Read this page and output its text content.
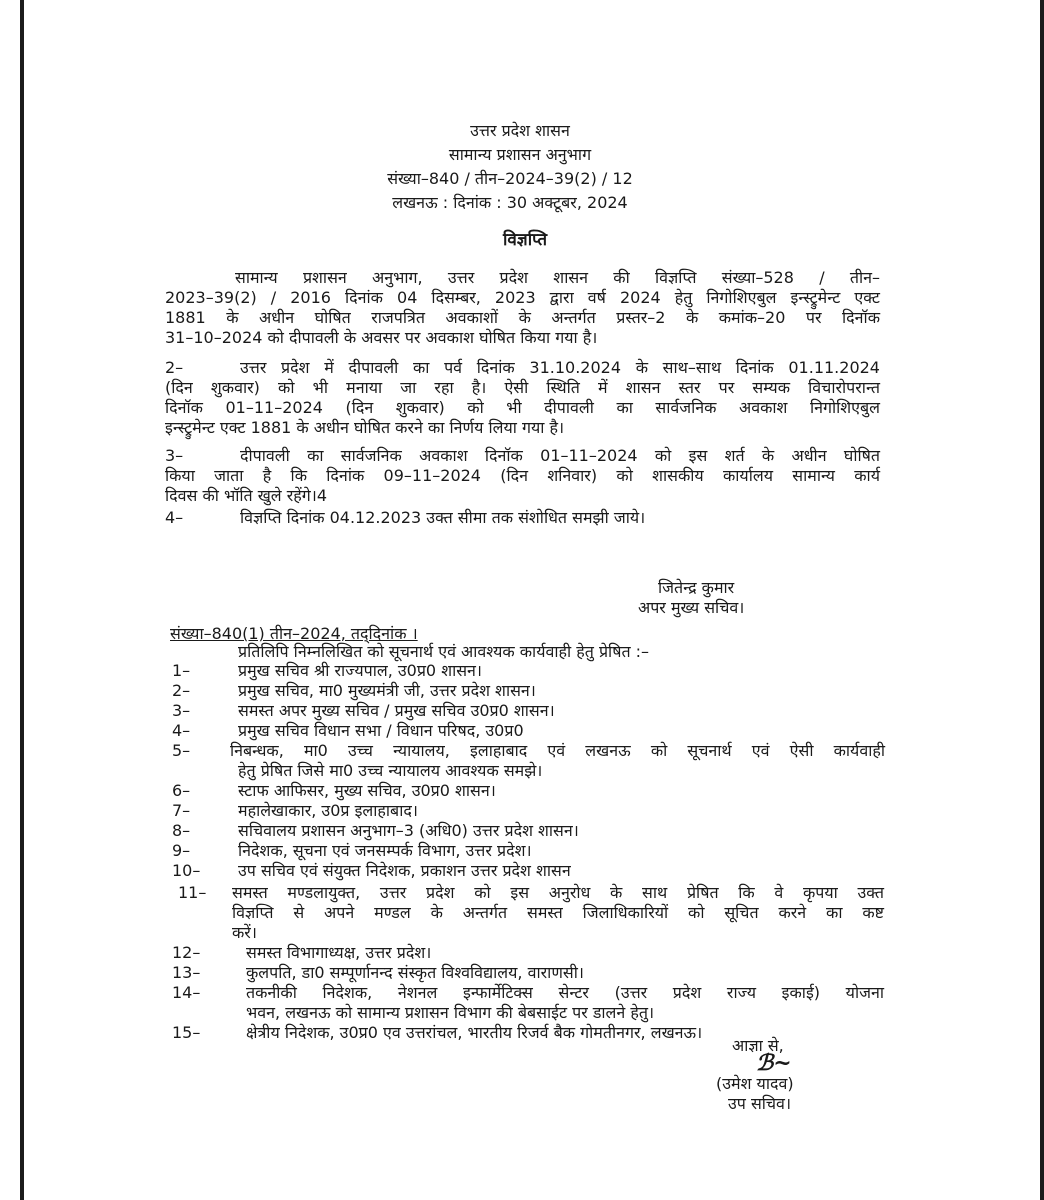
उत्तर प्रदेश शासन
सामान्य प्रशासन अनुभाग
संख्या–840 / तीन–2024–39(2) / 12
लखनऊ : दिनांक : 30 अक्टूबर, 2024
विज्ञप्ति
सामान्य प्रशासन अनुभाग, उत्तर प्रदेश शासन की विज्ञप्ति संख्या–528 / तीन–
2023–39(2) / 2016 दिनांक 04 दिसम्बर, 2023 द्वारा वर्ष 2024 हेतु निगोशिएबुल इन्स्ट्रुमेन्ट एक्ट
1881 के अधीन घोषित राजपत्रित अवकाशों के अन्तर्गत प्रस्तर–2 के कमांक–20 पर दिनॉक
31–10–2024 को दीपावली के अवसर पर अवकाश घोषित किया गया है।
2–	उत्तर प्रदेश में दीपावली का पर्व दिनांक 31.10.2024 के साथ–साथ दिनांक 01.11.2024
(दिन शुकवार) को भी मनाया जा रहा है। ऐसी स्थिति में शासन स्तर पर सम्यक विचारोपरान्त
दिनॉक 01–11–2024 (दिन शुकवार) को भी दीपावली का सार्वजनिक अवकाश निगोशिएबुल
इन्स्ट्रुमेन्ट एक्ट 1881 के अधीन घोषित करने का निर्णय लिया गया है।
3–	दीपावली का सार्वजनिक अवकाश दिनॉक 01–11–2024 को इस शर्त के अधीन घोषित
किया जाता है कि दिनांक 09–11–2024 (दिन शनिवार) को शासकीय कार्यालय सामान्य कार्य
दिवस की भॉति खुले रहेंगे।4
4–	विज्ञप्ति दिनांक 04.12.2023 उक्त सीमा तक संशोधित समझी जाये।
जितेन्द्र कुमार
अपर मुख्य सचिव।
संख्या–840(1) तीन–2024, तद्‌दिनांक ।
प्रतिलिपि निम्नलिखित को सूचनार्थ एवं आवश्यक कार्यवाही हेतु प्रेषित :–
1–	प्रमुख सचिव श्री राज्यपाल, उ0प्र0 शासन।
2–	प्रमुख सचिव, मा0 मुख्यमंत्री जी, उत्तर प्रदेश शासन।
3–	समस्त अपर मुख्य सचिव / प्रमुख सचिव उ0प्र0 शासन।
4–	प्रमुख सचिव विधान सभा / विधान परिषद, उ0प्र0
5– निबन्धक, मा0 उच्च न्यायालय, इलाहाबाद एवं लखनऊ को सूचनार्थ एवं ऐसी कार्यवाही
हेतु प्रेषित जिसे मा0 उच्च न्यायालय आवश्यक समझे।
6–	स्टाफ आफिसर, मुख्य सचिव, उ0प्र0 शासन।
7–	महालेखाकार, उ0प्र इलाहाबाद।
8–	सचिवालय प्रशासन अनुभाग–3 (अधि0) उत्तर प्रदेश शासन।
9–	निदेशक, सूचना एवं जनसम्पर्क विभाग, उत्तर प्रदेश।
10– उप सचिव एवं संयुक्त निदेशक, प्रकाशन उत्तर प्रदेश शासन
11– समस्त मण्डलायुक्त, उत्तर प्रदेश को इस अनुरोध के साथ प्रेषित कि वे कृपया उक्त
विज्ञप्ति से अपने मण्डल के अन्तर्गत समस्त जिलाधिकारियों को सूचित करने का कष्ट
करें।
12–	समस्त विभागाध्यक्ष, उत्तर प्रदेश।
13–	कुलपति, डा0 सम्पूर्णानन्द संस्कृत विश्वविद्यालय, वाराणसी।
14–	तकनीकी निदेशक, नेशनल इन्फार्मेटिक्स सेन्टर (उत्तर प्रदेश राज्य इकाई) योजना
भवन, लखनऊ को सामान्य प्रशासन विभाग की बेबसाईट पर डालने हेतु।
15–	क्षेत्रीय निदेशक, उ0प्र0 एव उत्तरांचल, भारतीय रिजर्व बैक गोमतीनगर, लखनऊ।
आज्ञा से,
ℬ~
(उमेश यादव)
उप सचिव।
